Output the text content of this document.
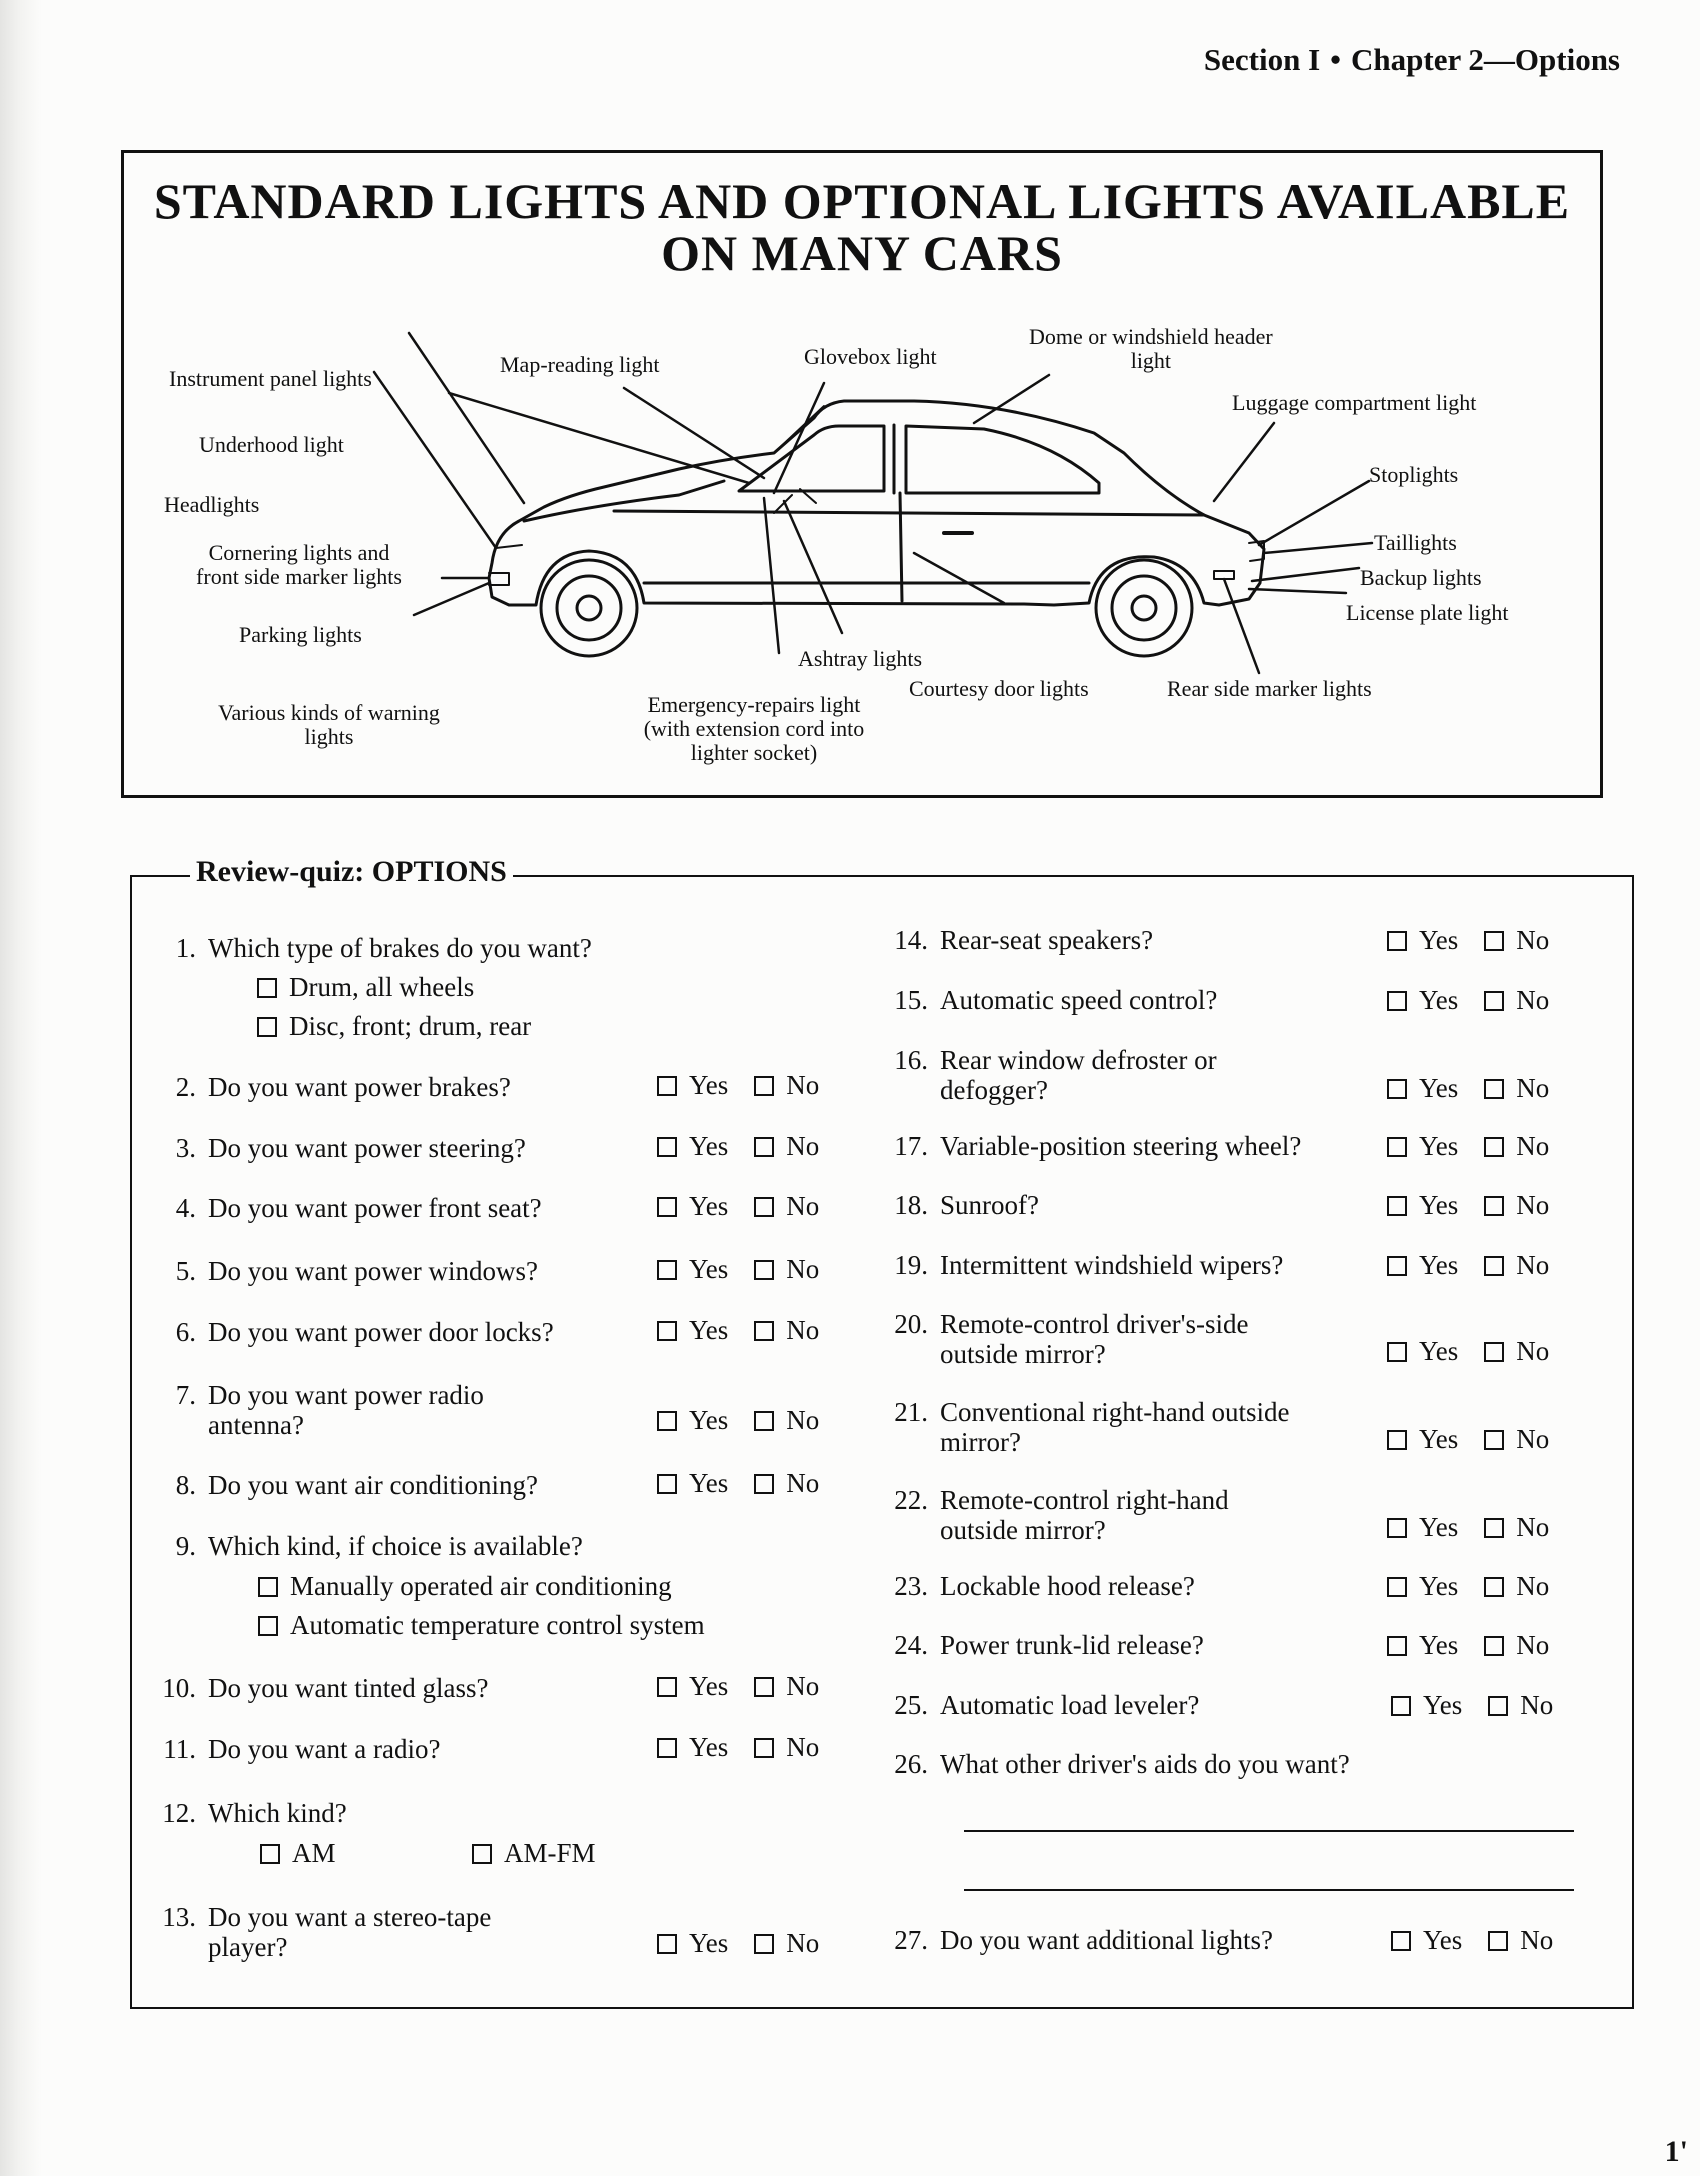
Section I • Chapter 2—Options
STANDARD LIGHTS AND OPTIONAL LIGHTS AVAILABLE
ON MANY CARS
Instrument panel lights
Map-reading light	Glovebox light
Dome or windshield header
light
Luggage compartment light
Underhood light
Headlights
Stoplights
Cornering lights and
front side marker lights
Taillights
Backup lights
License plate light
Parking lights
Ashtray lights
Courtesy door lights	Rear side marker lights
Various kinds of warning
lights
Emergency-repairs light
(with extension cord into
lighter socket)
Review-quiz: OPTIONS
1. Which type of brakes do you want?
Drum, all wheels
Disc, front; drum, rear
2. Do you want power brakes?	Yes No
3. Do you want power steering?	Yes No
4. Do you want power front seat?	Yes No
5. Do you want power windows?	Yes No
6. Do you want power door locks?	Yes No
7. Do you want power radio
antenna?	Yes No
8. Do you want air conditioning?	Yes No
9. Which kind, if choice is available?
Manually operated air conditioning
Automatic temperature control system
10. Do you want tinted glass?	Yes No
11. Do you want a radio?	Yes No
12. Which kind?
AM	AM-FM
13. Do you want a stereo-tape
player?	Yes No
14. Rear-seat speakers?	Yes No
15. Automatic speed control?	Yes No
16. Rear window defroster or
defogger?	Yes No
17. Variable-position steering wheel?	Yes No
18. Sunroof?	Yes No
19. Intermittent windshield wipers?	Yes No
20. Remote-control driver's-side
outside mirror?	Yes No
21. Conventional right-hand outside
mirror?	Yes No
22. Remote-control right-hand
outside mirror?	Yes No
23. Lockable hood release?	Yes No
24. Power trunk-lid release?	Yes No
25. Automatic load leveler?	Yes No
26. What other driver's aids do you want?
27. Do you want additional lights?	Yes No
1'
